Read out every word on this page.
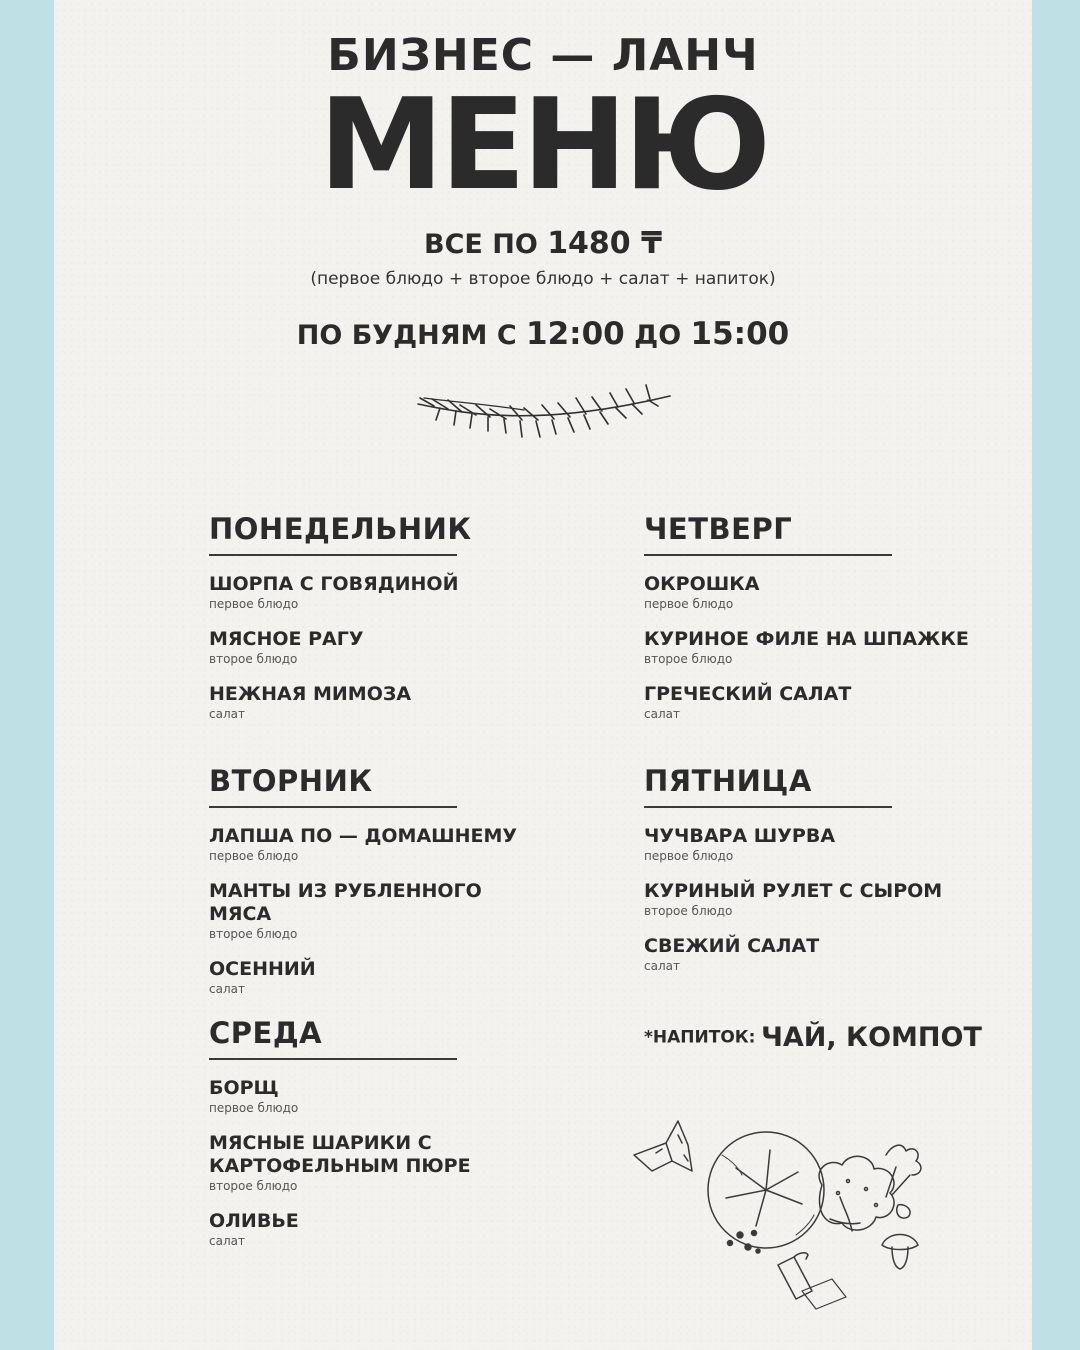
БИЗНЕС — ЛАНЧ
МЕНЮ
ВСЕ ПО 1480 ₸
(первое блюдо + второе блюдо + салат + напиток)
ПО БУДНЯМ С 12:00 ДО 15:00
ПОНЕДЕЛЬНИК
ШОРПА С ГОВЯДИНОЙ
первое блюдо
МЯСНОЕ РАГУ
второе блюдо
НЕЖНАЯ МИМОЗА
салат
ВТОРНИК
ЛАПША ПО — ДОМАШНЕМУ
первое блюдо
МАНТЫ ИЗ РУБЛЕННОГО МЯСА
второе блюдо
ОСЕННИЙ
салат
СРЕДА
БОРЩ
первое блюдо
МЯСНЫЕ ШАРИКИ С КАРТОФЕЛЬНЫМ ПЮРЕ
второе блюдо
ОЛИВЬЕ
салат
ЧЕТВЕРГ
ОКРОШКА
первое блюдо
КУРИНОЕ ФИЛЕ НА ШПАЖКЕ
второе блюдо
ГРЕЧЕСКИЙ САЛАТ
салат
ПЯТНИЦА
ЧУЧВАРА ШУРВА
первое блюдо
КУРИНЫЙ РУЛЕТ С СЫРОМ
второе блюдо
СВЕЖИЙ САЛАТ
салат
*НАПИТОК: ЧАЙ, КОМПОТ
